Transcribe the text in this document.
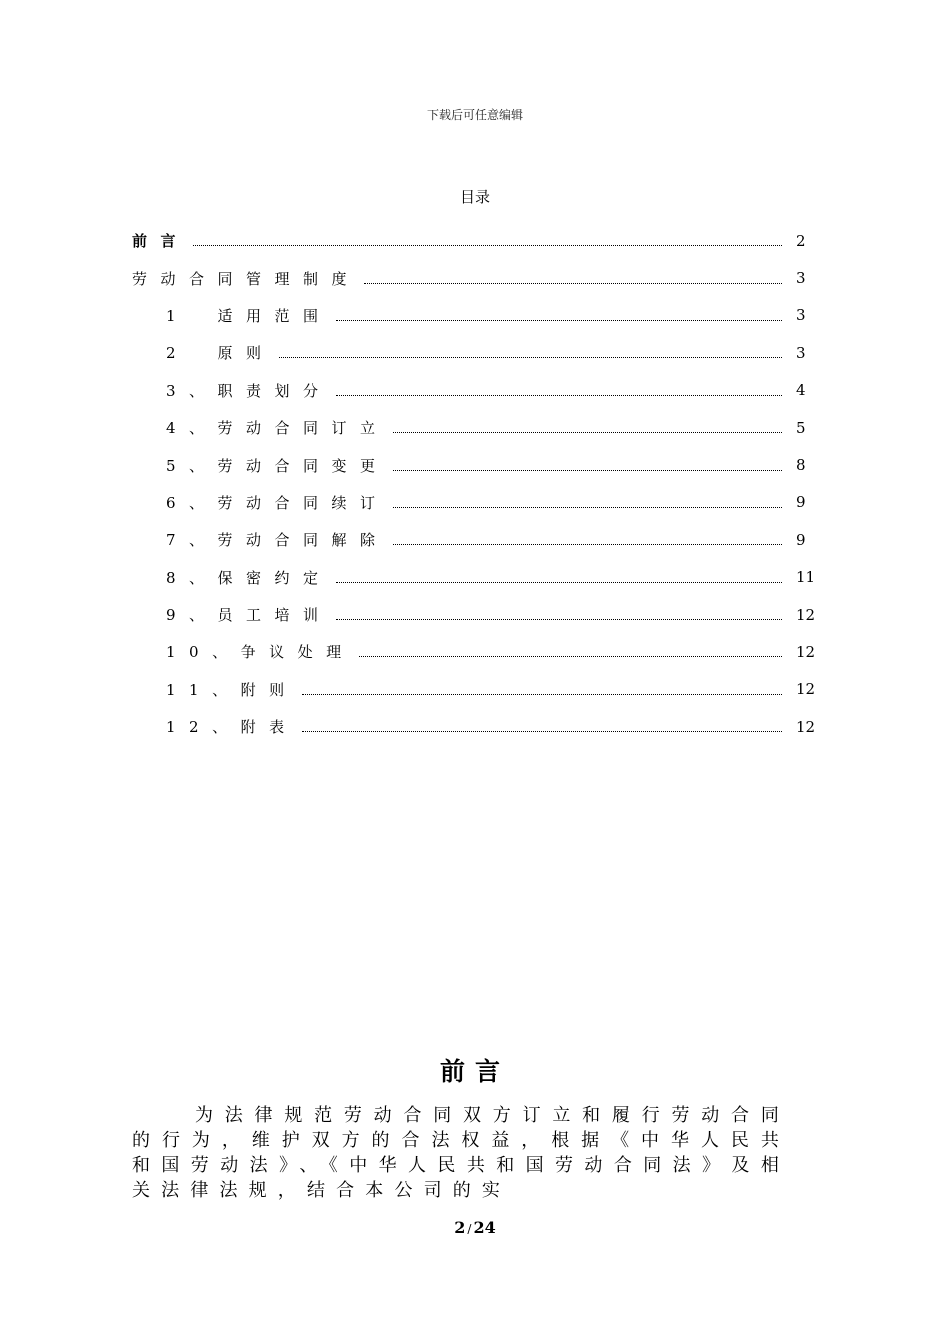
下载后可任意编辑
目录
前言	2
劳动合同管理制度	3
1　适用范围	3
2　原则	3
3、职责划分	4
4、劳动合同订立	5
5、劳动合同变更	8
6、劳动合同续订	9
7、劳动合同解除	9
8、保密约定	11
9、员工培训	12
10、争议处理	12
11、附则	12
12、附表	12
前言
为法律规范劳动合同双方订立和履行劳动合同的行为，维护双方的合法权益，根据《中华人民共和国劳动法》、《中华人民共和国劳动合同法》及相关法律法规，结合本公司的实
2 / 24
